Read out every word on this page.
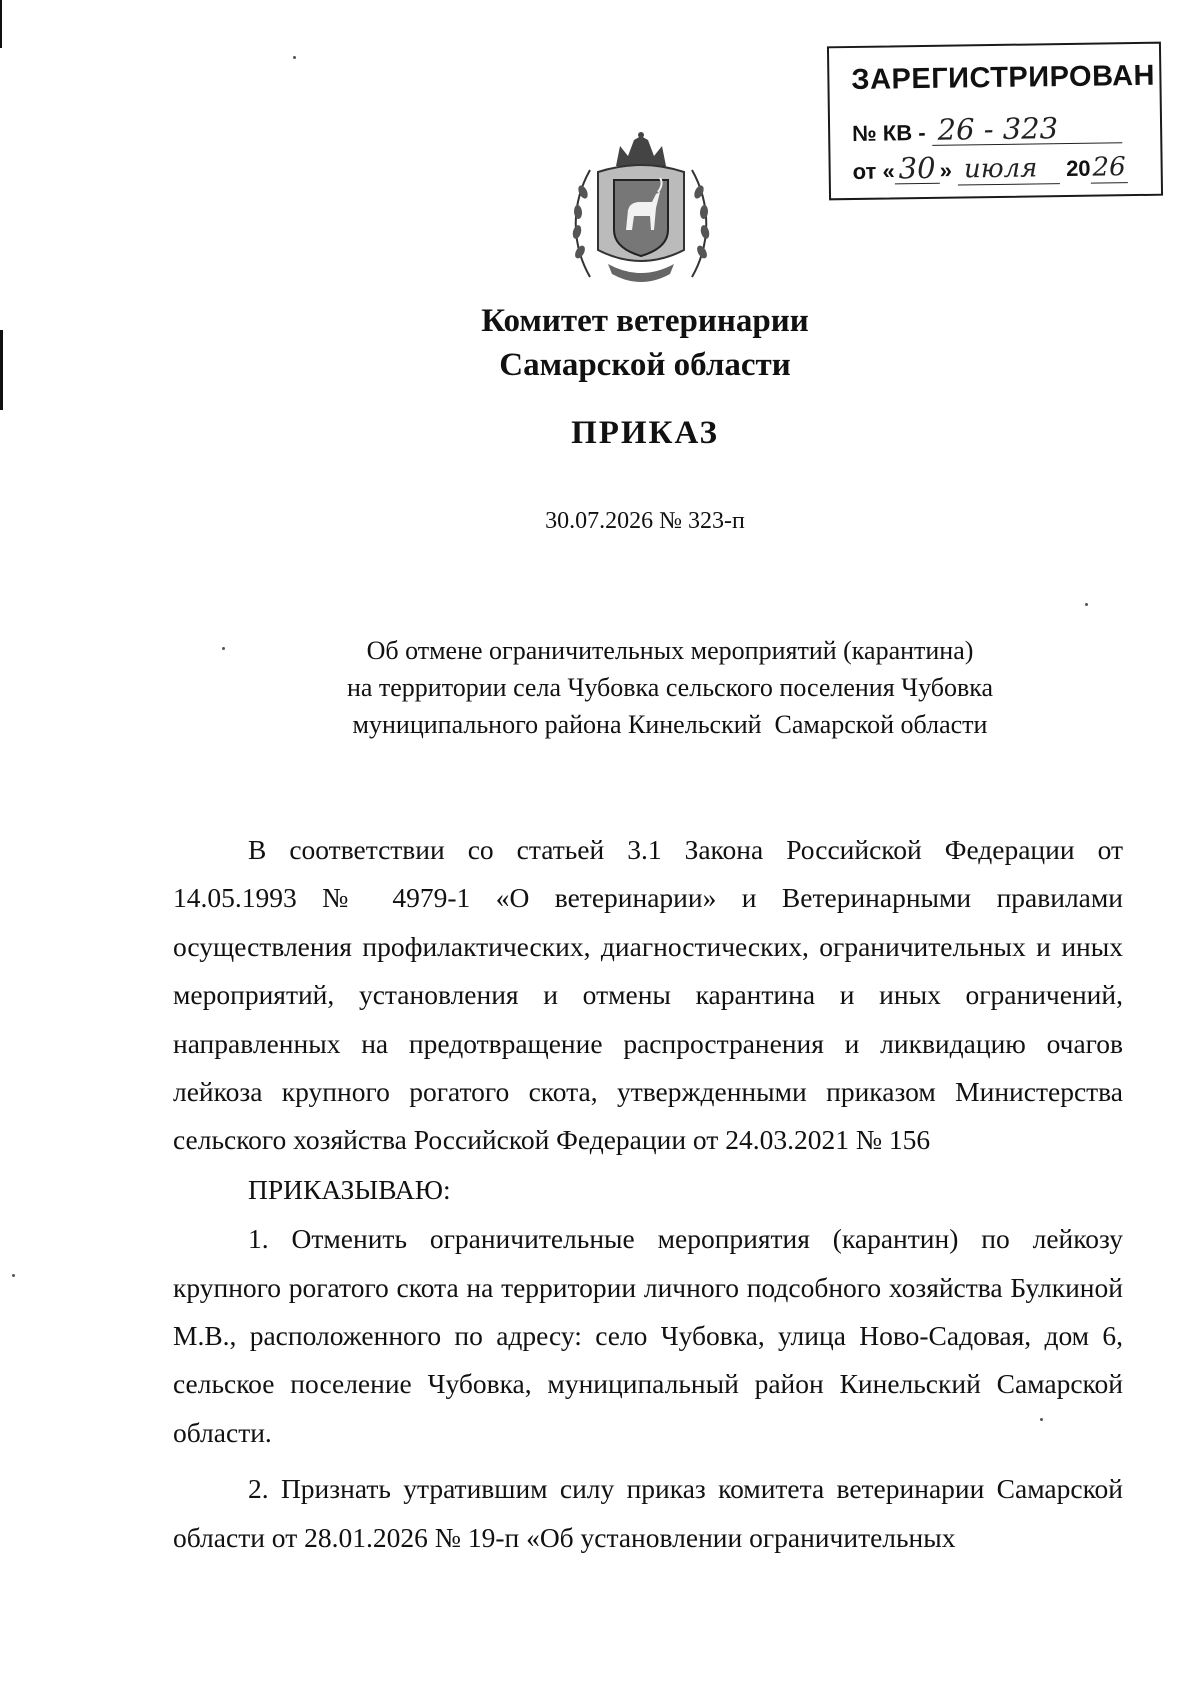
ЗАРЕГИСТРИРОВАН
№ КВ - 26 - 323
от « 30 » июля 2026
Комитет ветеринарии
Самарской области
ПРИКАЗ
30.07.2026 № 323-п
Об отмене ограничительных мероприятий (карантина)
на территории села Чубовка сельского поселения Чубовка
муниципального района Кинельский  Самарской области

В соответствии со статьей 3.1 Закона Российской Федерации от 14.05.1993 № 4979-1 «О ветеринарии» и Ветеринарными правилами осуществления профилактических, диагностических, ограничительных и иных мероприятий, установления и отмены карантина и иных ограничений, направленных на предотвращение распространения и ликвидацию очагов лейкоза крупного рогатого скота, утвержденными приказом Министерства сельского хозяйства Российской Федерации от 24.03.2021 № 156

ПРИКАЗЫВАЮ:

1. Отменить ограничительные мероприятия (карантин) по лейкозу крупного рогатого скота на территории личного подсобного хозяйства Булкиной М.В., расположенного по адресу: село Чубовка, улица Ново-Садовая, дом 6, сельское поселение Чубовка, муниципальный район Кинельский Самарской области.

2. Признать утратившим силу приказ комитета ветеринарии Самарской области от 28.01.2026 № 19-п «Об установлении ограничительных
